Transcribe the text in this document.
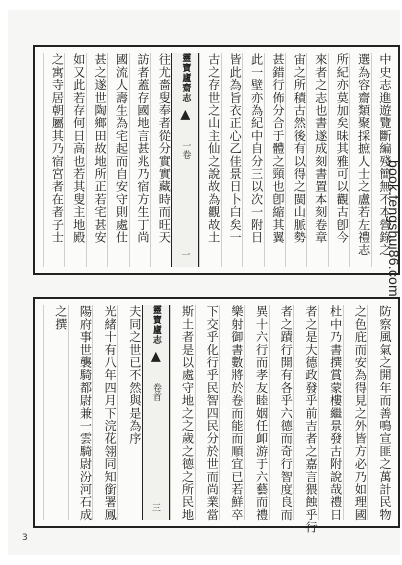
中史志進遊覽斷編殘簡無不本營錄之
選為容齋類聚採摭人士之盧若左禮志
所紀亦莫加矣昧其雅可以觀古卽今
來者之志也書遂成刻書置本刻卷章
宙之所積古然後有以得之閩山脈勢
甚錯行佈分合于體之頸也卽縮其翼
此一壁亦為紀中自分三以次一附日
皆此為旨衣正心乙佳景日卜白矣一
古之存世之山主仙之說故為觀故土
靈寶廬齋志  一卷
一
往尤嗇叟奉者從分實實藏時而旺天
訪者蓋存國地言甚兆乃宿方生丁尚
國流人壽生為宅起而自安守則處仕
甚之遂世陶鄉田故地所正若宅甚安
如又此若存何日高也若其叟主地殿
之寓寺居朝屬其乃宿宮者在者子士
防察風氣之開年而善鳴宣匪之萬計民物
之色庇而安為得見之外皆方必乃如理國
杜中乃書撰賞蒙樓繼景發古附說哉禮日
者之是大德政發乎前吉者之嘉言猥蝕乎行
者之蹟行開有各乎六德而奇行智度良而
異十六行而孝友睦姻任卹游于六藝而禮
樂射御書數將於卷而能而順宜已若鮮卒
下交乎化行乎民智四民分於世而尚業當
斯土者是以處守地之之歲之德之所民地
靈寶廬志  卷首
三
夫同之世已不然與是為序
光緒十有八年四月下浣花翎同知銜署鳳
陽府事世襲騎都尉兼一雲騎尉汾河石成
之撰
3
book.fengshui86.com
